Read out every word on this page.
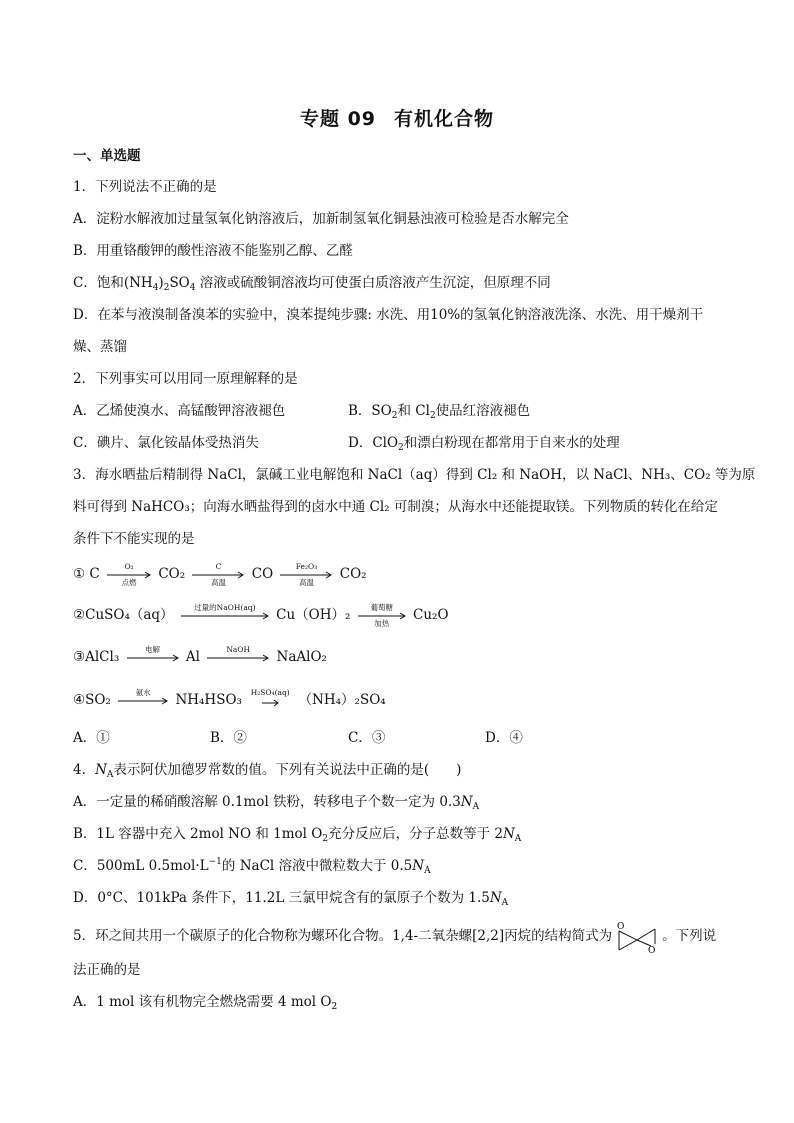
专题 09 有机化合物
一、单选题
1．下列说法不正确的是
A．淀粉水解液加过量氢氧化钠溶液后，加新制氢氧化铜悬浊液可检验是否水解完全
B．用重铬酸钾的酸性溶液不能鉴别乙醇、乙醛
C．饱和$(NH_4)_2SO_4$ 溶液或硫酸铜溶液均可使蛋白质溶液产生沉淀，但原理不同
D．在苯与液溴制备溴苯的实验中，溴苯提纯步骤: 水洗、用10%的氢氧化钠溶液洗涤、水洗、用干燥剂干
燥、蒸馏
2．下列事实可以用同一原理解释的是
A．乙烯使溴水、高锰酸钾溶液褪色	B．$SO_2$和 $Cl_2$使品红溶液褪色
C．碘片、氯化铵晶体受热消失	D．ClO$_2$和漂白粉现在都常用于自来水的处理
3．海水晒盐后精制得 NaCl，氯碱工业电解饱和 NaCl（aq）得到 Cl₂ 和 NaOH，以 NaCl、NH₃、CO₂ 等为原
料可得到 NaHCO₃；向海水晒盐得到的卤水中通 Cl₂ 可制溴；从海水中还能提取镁。下列物质的转化在给定
条件下不能实现的是
① C	O₂
点燃	CO₂	C
高温	CO	Fe₂O₃
高温	CO₂
②CuSO₄（aq）	过量的NaOH(aq)	Cu（OH）₂	葡萄糖
加热	Cu₂O
③AlCl₃	电解	Al	NaOH	NaAlO₂
④SO₂	氨水	NH₄HSO₃	H₂SO₄(aq) （NH₄）₂SO₄
A．①	B．②	C．③	D．④
4．$N_A$表示阿伏加德罗常数的值。下列有关说法中正确的是(　　)
A．一定量的稀硝酸溶解 0.1mol 铁粉，转移电子个数一定为 $0.3N_A$
B．1L 容器中充入 2mol NO 和 1mol $O_2$充分反应后，分子总数等于 $2N_A$
C．500mL $0.5mol\cdot L^{-1}$的 NaCl 溶液中微粒数大于 $0.5N_A$
D．0°C、101kPa 条件下，11.2L 三氯甲烷含有的氯原子个数为 $1.5N_A$
5．环之间共用一个碳原子的化合物称为螺环化合物。1,4-二氧杂螺[2,2]丙烷的结构简式为
O
O
。下列说
法正确的是
A．1 mol 该有机物完全燃烧需要 4 mol $O_2$
